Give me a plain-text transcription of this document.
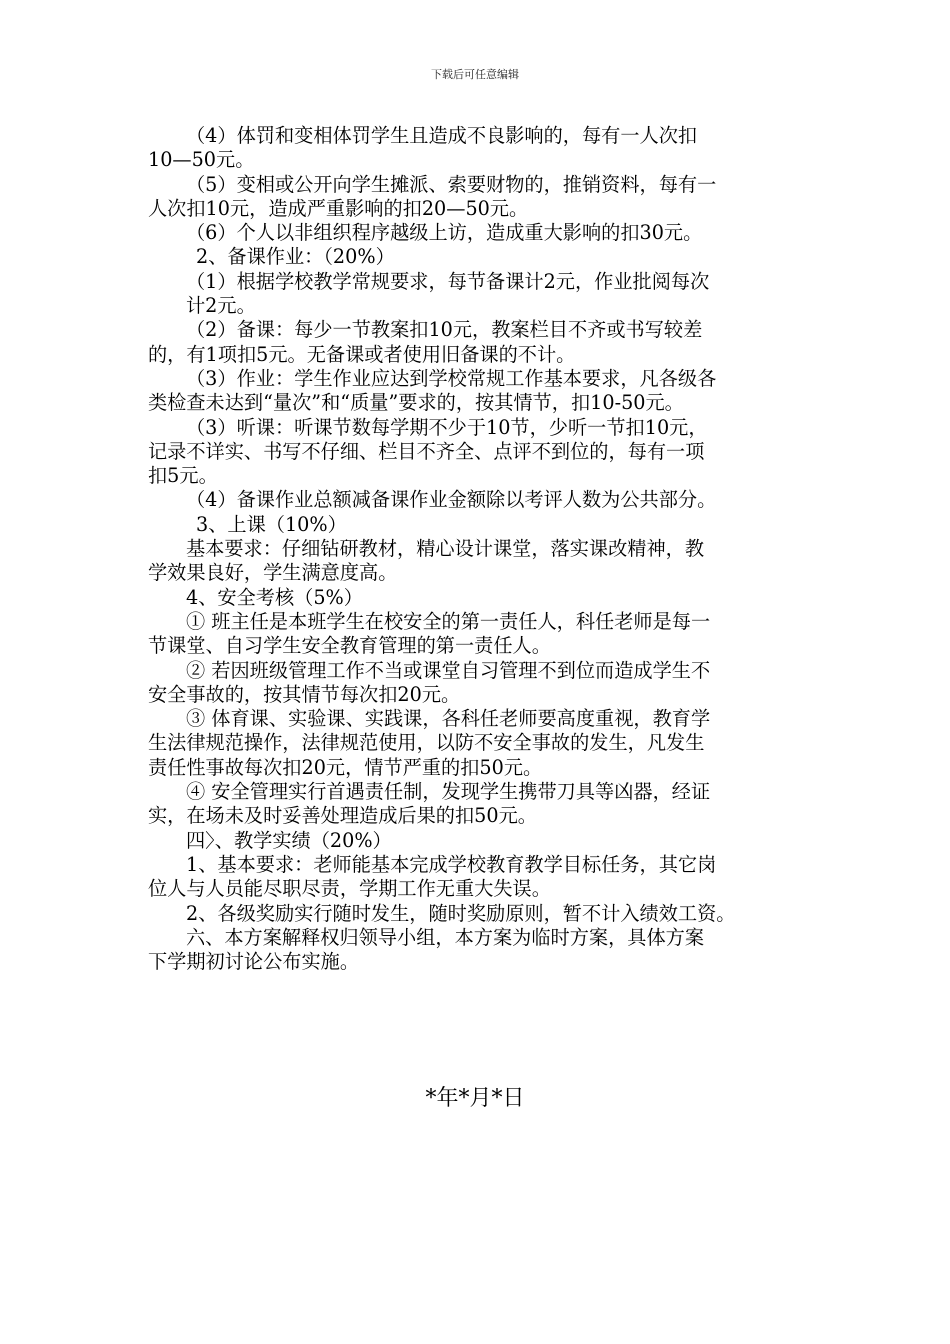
下载后可任意编辑
（4）体罚和变相体罚学生且造成不良影响的，每有一人次扣
10—50元。
（5）变相或公开向学生摊派、索要财物的，推销资料，每有一
人次扣10元，造成严重影响的扣20—50元。
（6）个人以非组织程序越级上访，造成重大影响的扣30元。
2、备课作业：（20%）
（1）根据学校教学常规要求，每节备课计2元，作业批阅每次
计2元。
（2）备课：每少一节教案扣10元，教案栏目不齐或书写较差
的，有1项扣5元。无备课或者使用旧备课的不计。
（3）作业：学生作业应达到学校常规工作基本要求，凡各级各
类检查未达到“量次”和“质量”要求的，按其情节，扣10-50元。
（3）听课：听课节数每学期不少于10节，少听一节扣10元，
记录不详实、书写不仔细、栏目不齐全、点评不到位的，每有一项
扣5元。
（4）备课作业总额减备课作业金额除以考评人数为公共部分。
3、上课（10%）
基本要求：仔细钻研教材，精心设计课堂，落实课改精神，教
学效果良好，学生满意度高。
4、安全考核（5%）
① 班主任是本班学生在校安全的第一责任人，科任老师是每一
节课堂、自习学生安全教育管理的第一责任人。
② 若因班级管理工作不当或课堂自习管理不到位而造成学生不
安全事故的，按其情节每次扣20元。
③ 体育课、实验课、实践课，各科任老师要高度重视，教育学
生法律规范操作，法律规范使用，以防不安全事故的发生，凡发生
责任性事故每次扣20元，情节严重的扣50元。
④ 安全管理实行首遇责任制，发现学生携带刀具等凶器，经证
实，在场未及时妥善处理造成后果的扣50元。
四〉、教学实绩（20%）
1、基本要求：老师能基本完成学校教育教学目标任务，其它岗
位人与人员能尽职尽责，学期工作无重大失误。
2、各级奖励实行随时发生，随时奖励原则，暂不计入绩效工资。
六、本方案解释权归领导小组，本方案为临时方案，具体方案
下学期初讨论公布实施。
*年*月*日
